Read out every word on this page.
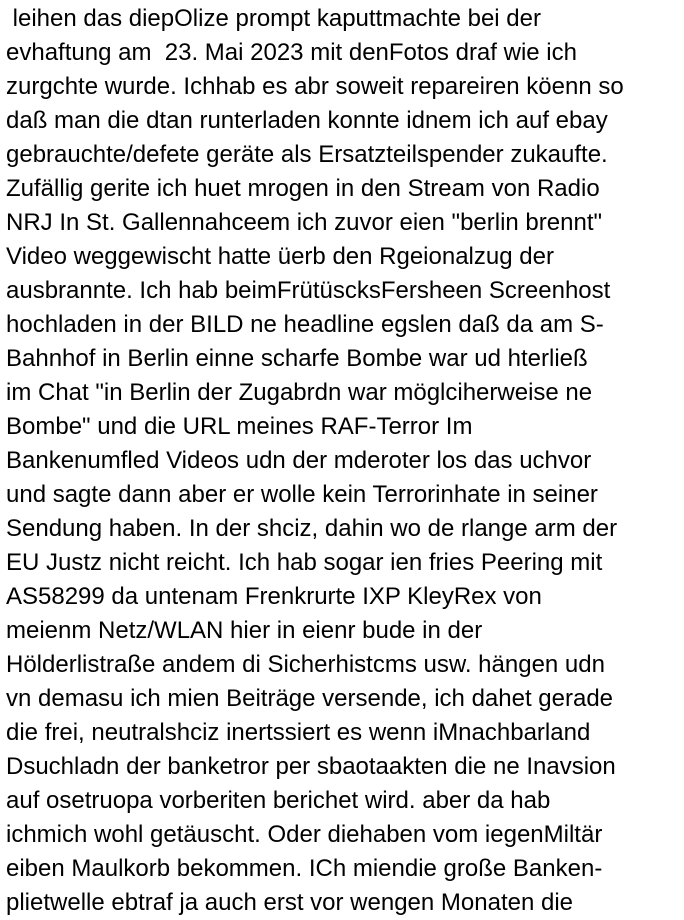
leihen das diepOlize prompt kaputtmachte bei der
evhaftung am  23. Mai 2023 mit denFotos draf wie ich
zurgchte wurde. Ichhab es abr soweit repareiren köenn so
daß man die dtan runterladen konnte idnem ich auf ebay
gebrauchte/defete geräte als Ersatzteilspender zukaufte.
Zufällig gerite ich huet mrogen in den Stream von Radio
NRJ In St. Gallennahceem ich zuvor eien "berlin brennt"
Video weggewischt hatte üerb den Rgeionalzug der
ausbrannte. Ich hab beimFrütüscksFersheen Screenhost
hochladen in der BILD ne headline egslen daß da am S-
Bahnhof in Berlin einne scharfe Bombe war ud hterließ
im Chat "in Berlin der Zugabrdn war möglciherweise ne
Bombe" und die URL meines RAF-Terror Im
Bankenumfled Videos udn der mderoter los das uchvor
und sagte dann aber er wolle kein Terrorinhate in seiner
Sendung haben. In der shciz, dahin wo de rlange arm der
EU Justz nicht reicht. Ich hab sogar ien fries Peering mit
AS58299 da untenam Frenkrurte IXP KleyRex von
meienm Netz/WLAN hier in eienr bude in der
Hölderlistraße andem di Sicherhistcms usw. hängen udn
vn demasu ich mien Beiträge versende, ich dahet gerade
die frei, neutralshciz inertssiert es wenn iMnachbarland
Dsuchladn der banketror per sbaotaakten die ne Inavsion
auf osetruopa vorberiten berichet wird. aber da hab
ichmich wohl getäuscht. Oder diehaben vom iegenMiltär
eiben Maulkorb bekommen. ICh miendie große Banken-
plietwelle ebtraf ja auch erst vor wengen Monaten die
